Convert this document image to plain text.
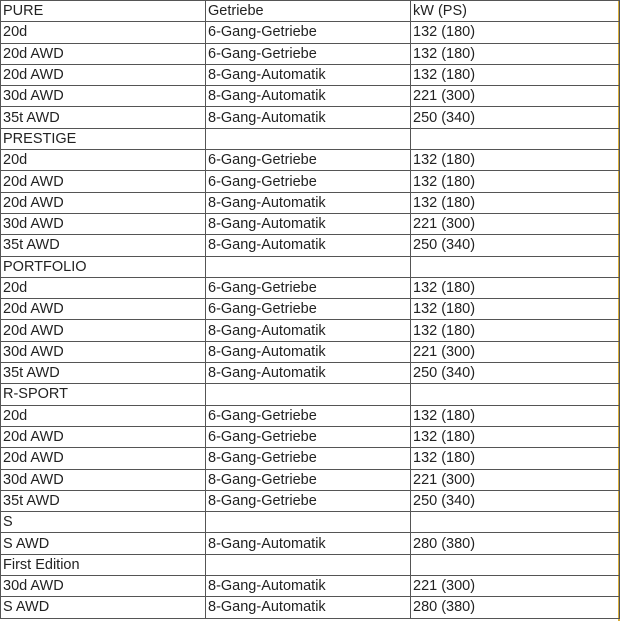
PURE	Getriebe	kW (PS)
20d	6-Gang-Getriebe	132 (180)
20d AWD	6-Gang-Getriebe	132 (180)
20d AWD	8-Gang-Automatik	132 (180)
30d AWD	8-Gang-Automatik	221 (300)
35t AWD	8-Gang-Automatik	250 (340)
PRESTIGE		
20d	6-Gang-Getriebe	132 (180)
20d AWD	6-Gang-Getriebe	132 (180)
20d AWD	8-Gang-Automatik	132 (180)
30d AWD	8-Gang-Automatik	221 (300)
35t AWD	8-Gang-Automatik	250 (340)
PORTFOLIO		
20d	6-Gang-Getriebe	132 (180)
20d AWD	6-Gang-Getriebe	132 (180)
20d AWD	8-Gang-Automatik	132 (180)
30d AWD	8-Gang-Automatik	221 (300)
35t AWD	8-Gang-Automatik	250 (340)
R-SPORT		
20d	6-Gang-Getriebe	132 (180)
20d AWD	6-Gang-Getriebe	132 (180)
20d AWD	8-Gang-Getriebe	132 (180)
30d AWD	8-Gang-Getriebe	221 (300)
35t AWD	8-Gang-Getriebe	250 (340)
S		
S AWD	8-Gang-Automatik	280 (380)
First Edition		
30d AWD	8-Gang-Automatik	221 (300)
S AWD	8-Gang-Automatik	280 (380)
